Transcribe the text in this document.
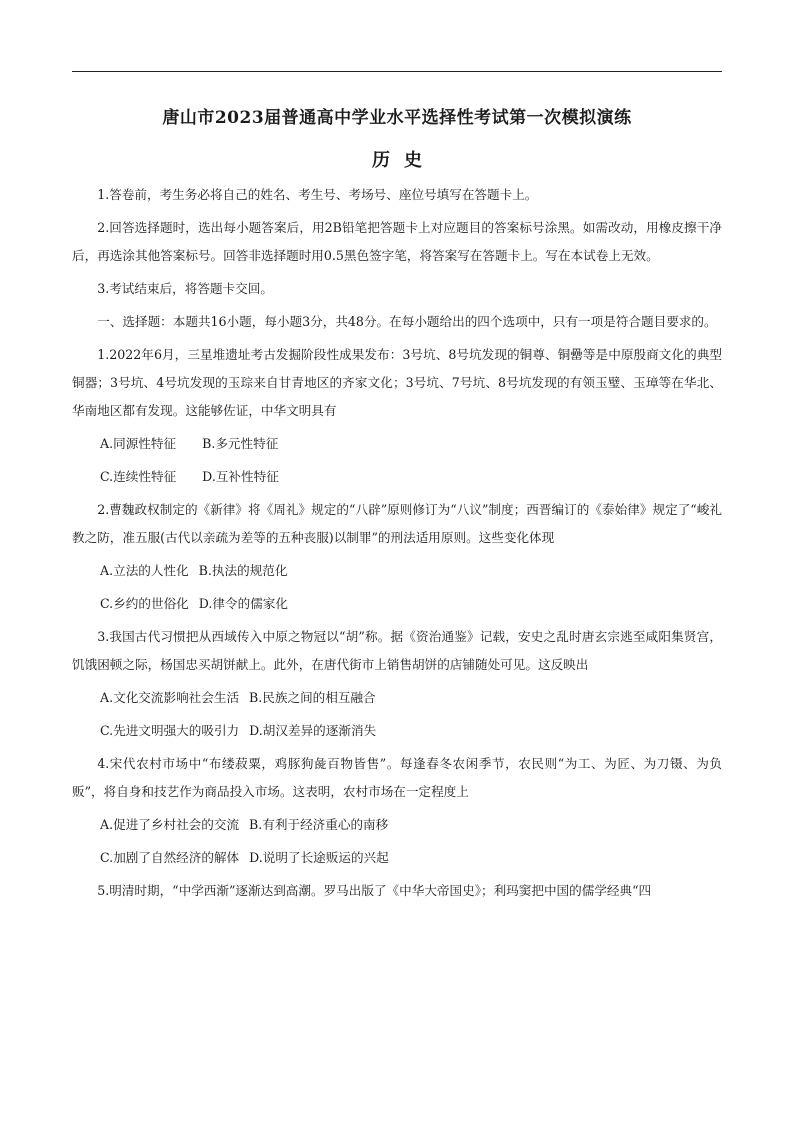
唐山市2023届普通高中学业水平选择性考试第一次模拟演练
历史

1.答卷前，考生务必将自己的姓名、考生号、考场号、座位号填写在答题卡上。

2.回答选择题时，选出每小题答案后，用2B铅笔把答题卡上对应题目的答案标号涂黑。如需改动，用橡皮擦干净后，再选涂其他答案标号。回答非选择题时用0.5黑色签字笔，将答案写在答题卡上。写在本试卷上无效。

3.考试结束后，将答题卡交回。

一、选择题：本题共16小题，每小题3分，共48分。在每小题给出的四个选项中，只有一项是符合题目要求的。

1.2022年6月，三星堆遗址考古发掘阶段性成果发布：3号坑、8号坑发现的铜尊、铜罍等是中原殷商文化的典型铜器；3号坑、4号坑发现的玉琮来自甘青地区的齐家文化；3号坑、7号坑、8号坑发现的有领玉璧、玉璋等在华北、华南地区都有发现。这能够佐证，中华文明具有

A.同源性特征 B.多元性特征
C.连续性特征 D.互补性特征

2.曹魏政权制定的《新律》将《周礼》规定的“八辟”原则修订为“八议”制度；西晋编订的《泰始律》规定了“峻礼教之防，准五服(古代以亲疏为差等的五种丧服)以制罪”的刑法适用原则。这些变化体现

A.立法的人性化 B.执法的规范化
C.乡约的世俗化 D.律令的儒家化

3.我国古代习惯把从西域传入中原之物冠以“胡”称。据《资治通鉴》记载，安史之乱时唐玄宗逃至咸阳集贤宫，饥饿困顿之际，杨国忠买胡饼献上。此外，在唐代街市上销售胡饼的店铺随处可见。这反映出

A.文化交流影响社会生活 B.民族之间的相互融合
C.先进文明强大的吸引力 D.胡汉差异的逐渐消失

4.宋代农村市场中“布缕菽粟，鸡豚狗彘百物皆售”。每逢春冬农闲季节，农民则“为工、为匠、为刀镊、为负贩”，将自身和技艺作为商品投入市场。这表明，农村市场在一定程度上

A.促进了乡村社会的交流 B.有利于经济重心的南移
C.加剧了自然经济的解体 D.说明了长途贩运的兴起

5.明清时期，“中学西渐”逐渐达到高潮。罗马出版了《中华大帝国史》；利玛窦把中国的儒学经典“四
